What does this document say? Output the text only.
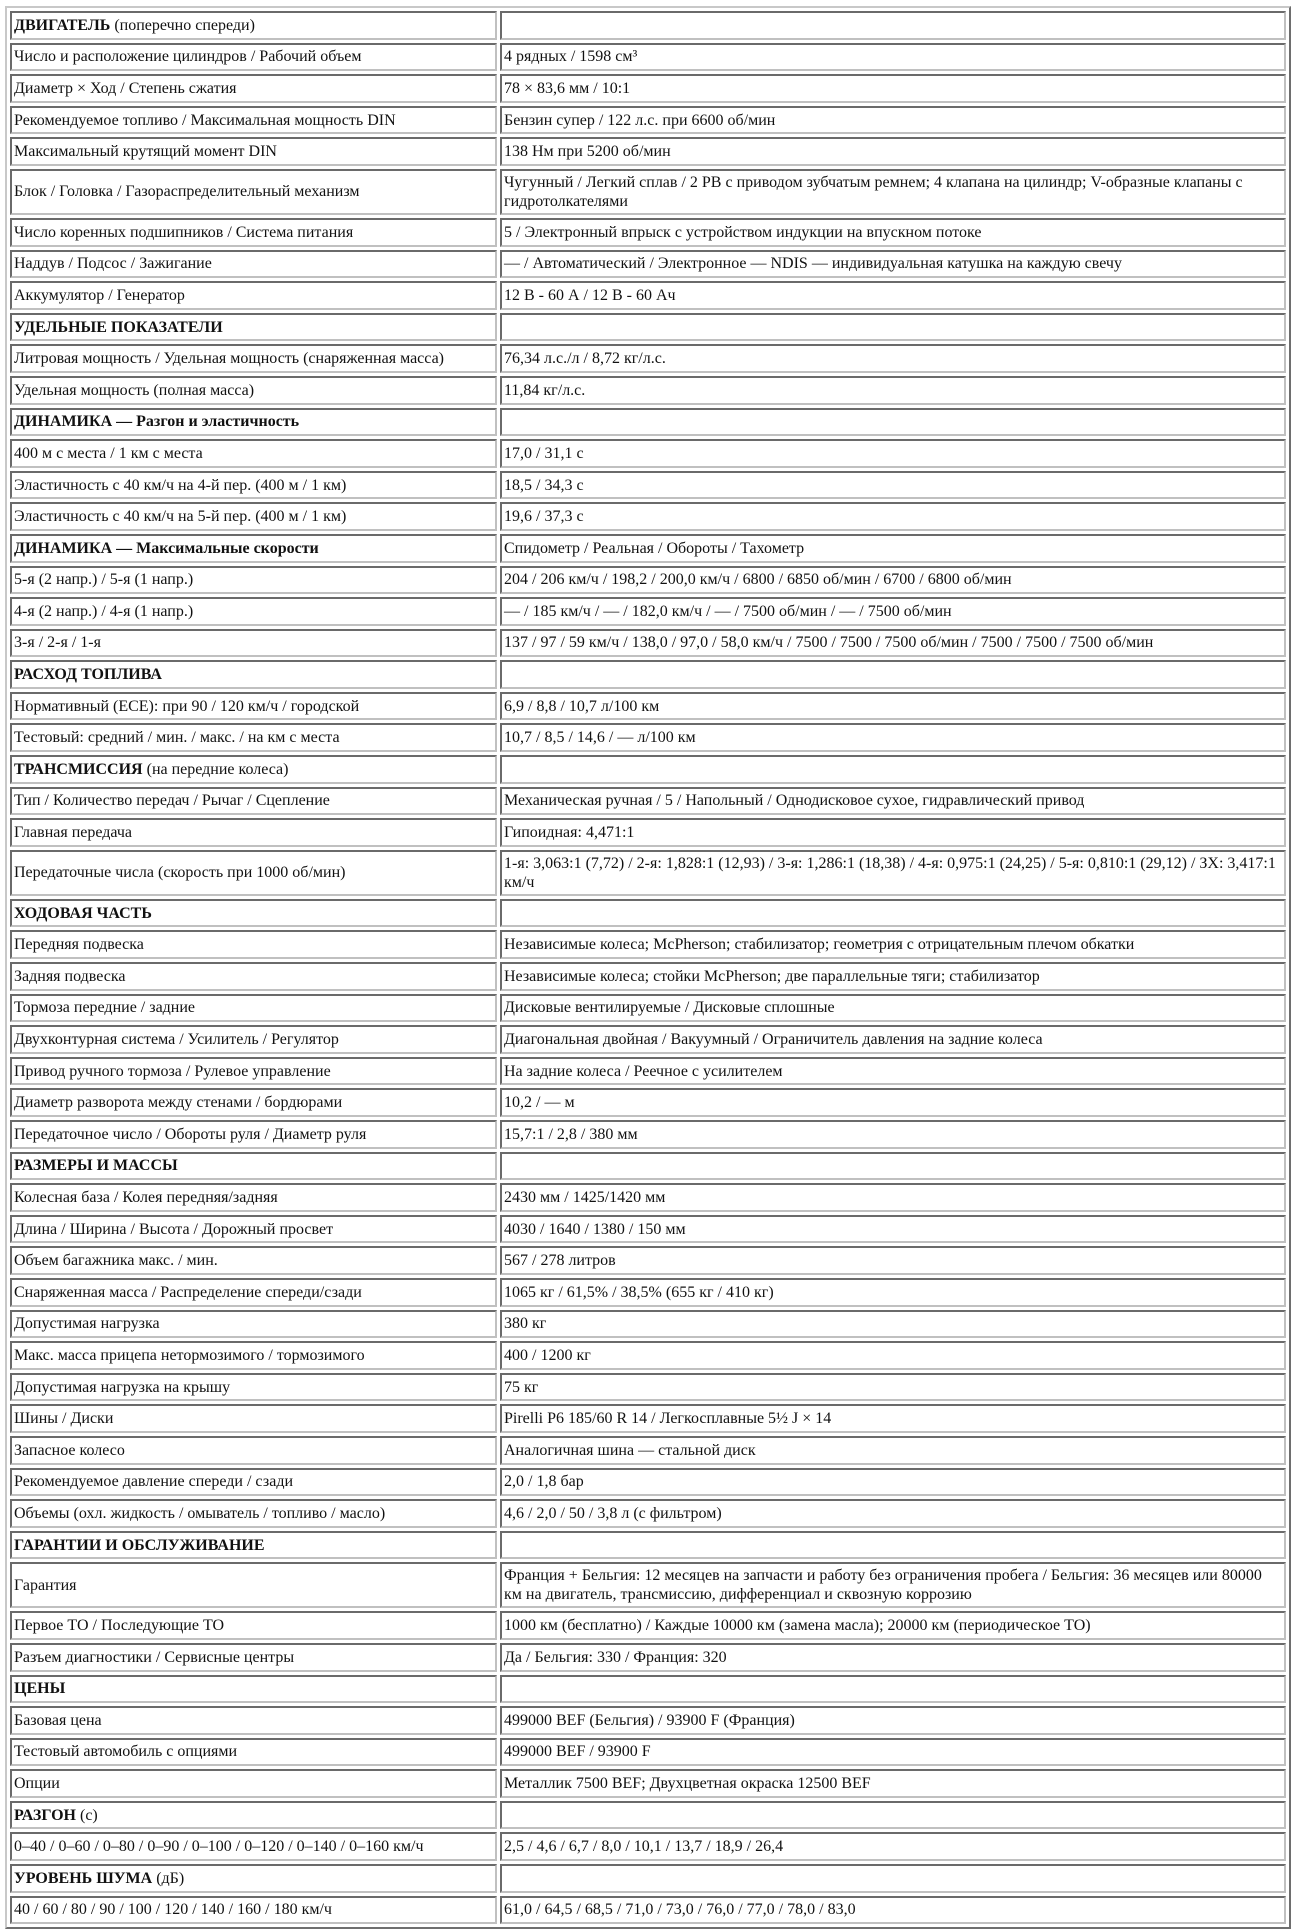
ДВИГАТЕЛЬ (поперечно спереди)	
Число и расположение цилиндров / Рабочий объем	4 рядных / 1598 см³
Диаметр × Ход / Степень сжатия	78 × 83,6 мм / 10:1
Рекомендуемое топливо / Максимальная мощность DIN	Бензин супер / 122 л.с. при 6600 об/мин
Максимальный крутящий момент DIN	138 Нм при 5200 об/мин
Блок / Головка / Газораспределительный механизм	Чугунный / Легкий сплав / 2 РВ с приводом зубчатым ремнем; 4 клапана на цилиндр; V-образные клапаны с гидротолкателями
Число коренных подшипников / Система питания	5 / Электронный впрыск с устройством индукции на впускном потоке
Наддув / Подсос / Зажигание	— / Автоматический / Электронное — NDIS — индивидуальная катушка на каждую свечу
Аккумулятор / Генератор	12 В - 60 А / 12 В - 60 Ач
УДЕЛЬНЫЕ ПОКАЗАТЕЛИ	
Литровая мощность / Удельная мощность (снаряженная масса)	76,34 л.с./л / 8,72 кг/л.с.
Удельная мощность (полная масса)	11,84 кг/л.с.
ДИНАМИКА — Разгон и эластичность	
400 м с места / 1 км с места	17,0 / 31,1 с
Эластичность с 40 км/ч на 4-й пер. (400 м / 1 км)	18,5 / 34,3 с
Эластичность с 40 км/ч на 5-й пер. (400 м / 1 км)	19,6 / 37,3 с
ДИНАМИКА — Максимальные скорости	Спидометр / Реальная / Обороты / Тахометр
5-я (2 напр.) / 5-я (1 напр.)	204 / 206 км/ч / 198,2 / 200,0 км/ч / 6800 / 6850 об/мин / 6700 / 6800 об/мин
4-я (2 напр.) / 4-я (1 напр.)	— / 185 км/ч / — / 182,0 км/ч / — / 7500 об/мин / — / 7500 об/мин
3-я / 2-я / 1-я	137 / 97 / 59 км/ч / 138,0 / 97,0 / 58,0 км/ч / 7500 / 7500 / 7500 об/мин / 7500 / 7500 / 7500 об/мин
РАСХОД ТОПЛИВА	
Нормативный (ECE): при 90 / 120 км/ч / городской	6,9 / 8,8 / 10,7 л/100 км
Тестовый: средний / мин. / макс. / на км с места	10,7 / 8,5 / 14,6 / — л/100 км
ТРАНСМИССИЯ (на передние колеса)	
Тип / Количество передач / Рычаг / Сцепление	Механическая ручная / 5 / Напольный / Однодисковое сухое, гидравлический привод
Главная передача	Гипоидная: 4,471:1
Передаточные числа (скорость при 1000 об/мин)	1-я: 3,063:1 (7,72) / 2-я: 1,828:1 (12,93) / 3-я: 1,286:1 (18,38) / 4-я: 0,975:1 (24,25) / 5-я: 0,810:1 (29,12) / ЗХ: 3,417:1 км/ч
ХОДОВАЯ ЧАСТЬ	
Передняя подвеска	Независимые колеса; McPherson; стабилизатор; геометрия с отрицательным плечом обкатки
Задняя подвеска	Независимые колеса; стойки McPherson; две параллельные тяги; стабилизатор
Тормоза передние / задние	Дисковые вентилируемые / Дисковые сплошные
Двухконтурная система / Усилитель / Регулятор	Диагональная двойная / Вакуумный / Ограничитель давления на задние колеса
Привод ручного тормоза / Рулевое управление	На задние колеса / Реечное с усилителем
Диаметр разворота между стенами / бордюрами	10,2 / — м
Передаточное число / Обороты руля / Диаметр руля	15,7:1 / 2,8 / 380 мм
РАЗМЕРЫ И МАССЫ	
Колесная база / Колея передняя/задняя	2430 мм / 1425/1420 мм
Длина / Ширина / Высота / Дорожный просвет	4030 / 1640 / 1380 / 150 мм
Объем багажника макс. / мин.	567 / 278 литров
Снаряженная масса / Распределение спереди/сзади	1065 кг / 61,5% / 38,5% (655 кг / 410 кг)
Допустимая нагрузка	380 кг
Макс. масса прицепа нетормозимого / тормозимого	400 / 1200 кг
Допустимая нагрузка на крышу	75 кг
Шины / Диски	Pirelli P6 185/60 R 14 / Легкосплавные 5½ J × 14
Запасное колесо	Аналогичная шина — стальной диск
Рекомендуемое давление спереди / сзади	2,0 / 1,8 бар
Объемы (охл. жидкость / омыватель / топливо / масло)	4,6 / 2,0 / 50 / 3,8 л (с фильтром)
ГАРАНТИИ И ОБСЛУЖИВАНИЕ	
Гарантия	Франция + Бельгия: 12 месяцев на запчасти и работу без ограничения пробега / Бельгия: 36 месяцев или 80000 км на двигатель, трансмиссию, дифференциал и сквозную коррозию
Первое ТО / Последующие ТО	1000 км (бесплатно) / Каждые 10000 км (замена масла); 20000 км (периодическое ТО)
Разъем диагностики / Сервисные центры	Да / Бельгия: 330 / Франция: 320
ЦЕНЫ	
Базовая цена	499000 BEF (Бельгия) / 93900 F (Франция)
Тестовый автомобиль с опциями	499000 BEF / 93900 F
Опции	Металлик 7500 BEF; Двухцветная окраска 12500 BEF
РАЗГОН (с)	
0–40 / 0–60 / 0–80 / 0–90 / 0–100 / 0–120 / 0–140 / 0–160 км/ч	2,5 / 4,6 / 6,7 / 8,0 / 10,1 / 13,7 / 18,9 / 26,4
УРОВЕНЬ ШУМА (дБ)	
40 / 60 / 80 / 90 / 100 / 120 / 140 / 160 / 180 км/ч	61,0 / 64,5 / 68,5 / 71,0 / 73,0 / 76,0 / 77,0 / 78,0 / 83,0
